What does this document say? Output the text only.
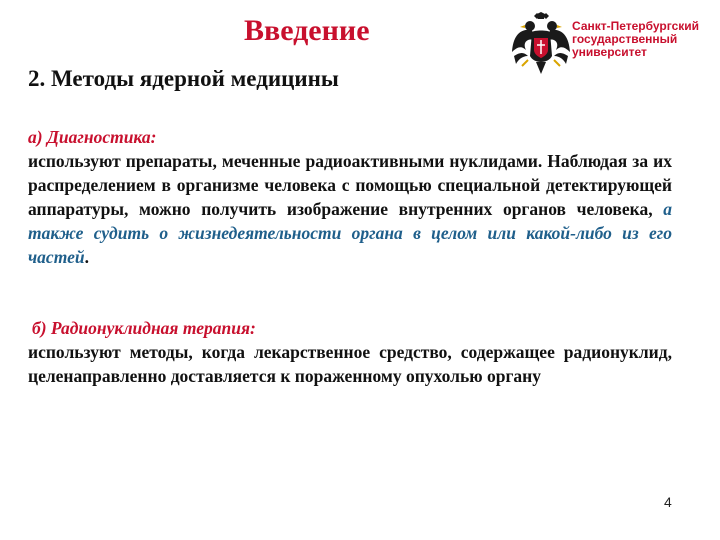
Введение	Санкт-Петербургский
государственный
университет
2. Методы ядерной медицины
а) Диагностика:
используют препараты, меченные радиоактивными нуклидами. Наблюдая за их распределением в организме человека с помощью специальной детектирующей аппаратуры, можно получить изображение внутренних органов человека, а также судить о жизнедеятельности органа в целом или какой-либо из его частей.
б) Радионуклидная терапия:
используют методы, когда лекарственное средство, содержащее радионуклид, целенаправленно доставляется к пораженному опухолью органу
4
